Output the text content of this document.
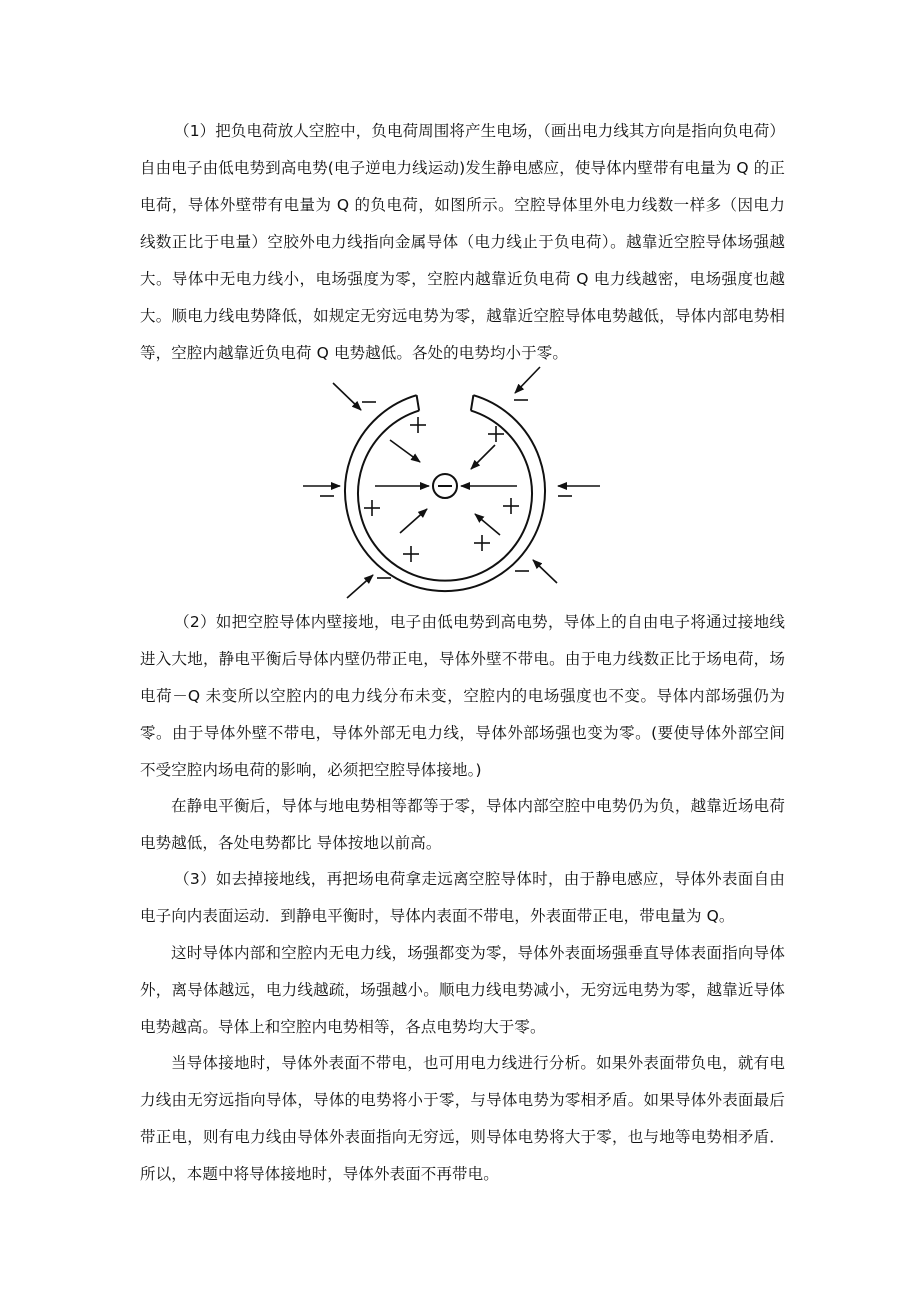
（1）把负电荷放人空腔中，负电荷周围将产生电场，（画出电力线其方向是指向负电荷）自由电子由低电势到高电势(电子逆电力线运动)发生静电感应，使导体内壁带有电量为 Q 的正电荷，导体外壁带有电量为 Q 的负电荷，如图所示。空腔导体里外电力线数一样多（因电力线数正比于电量）空胶外电力线指向金属导体（电力线止于负电荷）。越靠近空腔导体场强越大。导体中无电力线小，电场强度为零，空腔内越靠近负电荷 Q 电力线越密，电场强度也越大。顺电力线电势降低，如规定无穷远电势为零，越靠近空腔导体电势越低，导体内部电势相等，空腔内越靠近负电荷 Q 电势越低。各处的电势均小于零。

（2）如把空腔导体内壁接地，电子由低电势到高电势，导体上的自由电子将通过接地线进入大地，静电平衡后导体内壁仍带正电，导体外壁不带电。由于电力线数正比于场电荷，场电荷－Q 未变所以空腔内的电力线分布未变，空腔内的电场强度也不变。导体内部场强仍为零。由于导体外壁不带电，导体外部无电力线，导体外部场强也变为零。(要使导体外部空间不受空腔内场电荷的影响，必须把空腔导体接地。)

在静电平衡后，导体与地电势相等都等于零，导体内部空腔中电势仍为负，越靠近场电荷电势越低，各处电势都比 导体按地以前高。

（3）如去掉接地线，再把场电荷拿走远离空腔导体时，由于静电感应，导体外表面自由电子向内表面运动．到静电平衡时，导体内表面不带电，外表面带正电，带电量为 Q。

这时导体内部和空腔内无电力线，场强都变为零，导体外表面场强垂直导体表面指向导体外，离导体越远，电力线越疏，场强越小。顺电力线电势减小，无穷远电势为零，越靠近导体电势越高。导体上和空腔内电势相等，各点电势均大于零。

当导体接地时，导体外表面不带电，也可用电力线进行分析。如果外表面带负电，就有电力线由无穷远指向导体，导体的电势将小于零，与导体电势为零相矛盾。如果导体外表面最后带正电，则有电力线由导体外表面指向无穷远，则导体电势将大于零，也与地等电势相矛盾．所以，本题中将导体接地时，导体外表面不再带电。
